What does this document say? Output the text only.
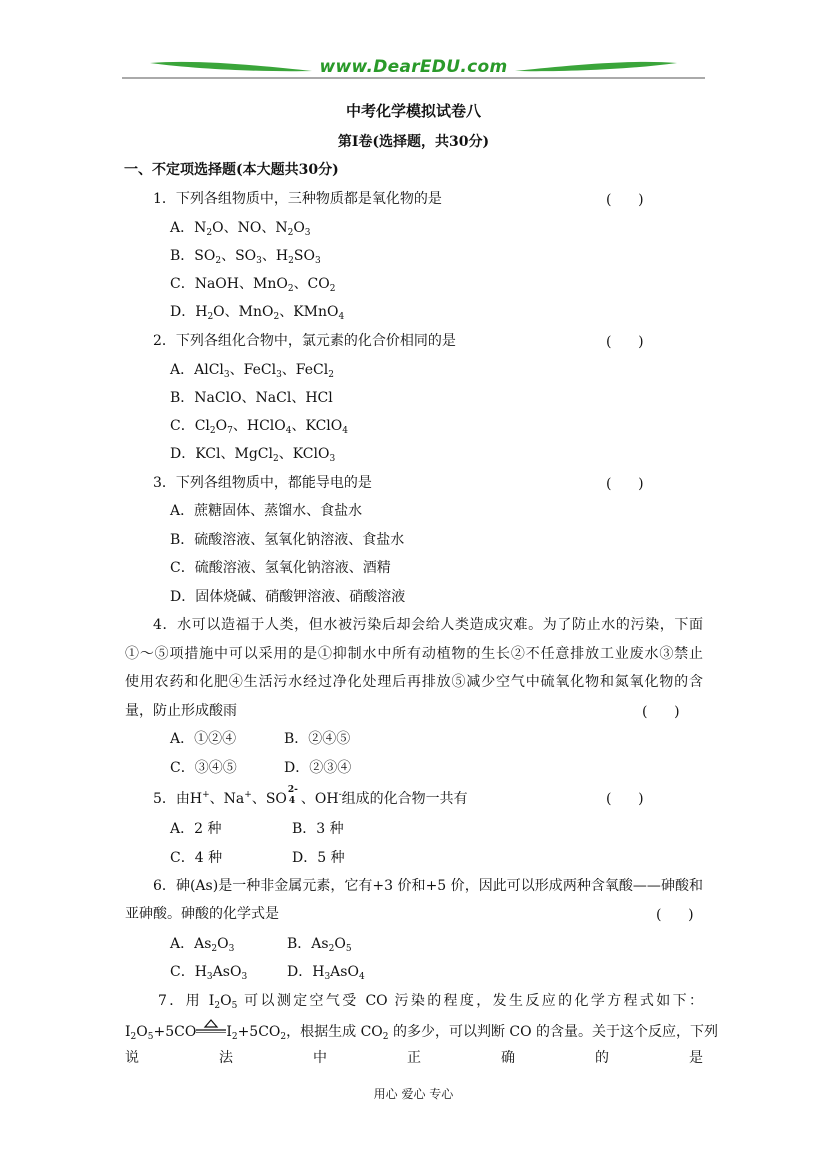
www.DearEDU.com
中考化学模拟试卷八
第I卷(选择题，共30分)
一、不定项选择题(本大题共30分)
1．下列各组物质中，三种物质都是氧化物的是	(      )
A．$N_2O$、NO、$N_2O_3$
B．$SO_2$、$SO_3$、$H_2SO_3$
C．NaOH、MnO$_2$、$CO_2$
D．$H_2O$、MnO$_2$、KMnO$_4$
2．下列各组化合物中，氯元素的化合价相同的是	(      )
A．AlCl$_3$、FeCl$_3$、FeCl$_2$
B．NaClO、NaCl、HCl
C．$Cl_2O_7$、HClO$_4$、KClO$_4$
D．KCl、MgCl$_2$、KClO$_3$
3．下列各组物质中，都能导电的是	(      )
A．蔗糖固体、蒸馏水、食盐水
B．硫酸溶液、氢氧化钠溶液、食盐水
C．硫酸溶液、氢氧化钠溶液、酒精
D．固体烧碱、硝酸钾溶液、硝酸溶液
4．水可以造福于人类，但水被污染后却会给人类造成灾难。为了防止水的污染，下面
①～⑤项措施中可以采用的是①抑制水中所有动植物的生长②不任意排放工业废水③禁止
使用农药和化肥④生活污水经过净化处理后再排放⑤减少空气中硫氧化物和氮氧化物的含
量，防止形成酸雨	(      )
A．①②④	B．②④⑤
C．③④⑤	D．②③④
5．由H+、Na+、SO
2-
4 、OH-组成的化合物一共有	(      )
A．2 种	B．3 种
C．4 种	D．5 种
6．砷(As)是一种非金属元素，它有+3 价和+5 价，因此可以形成两种含氧酸——砷酸和
亚砷酸。砷酸的化学式是	(      )
A．$As_2O_3$	B．$As_2O_5$
C．$H_3AsO_3$	D．$H_3AsO_4$
7．用 $I_2O_5$ 可以测定空气受 CO 污染的程度，发生反应的化学方程式如下：
$I_2O_5+5CO$ $I_2+5CO_2$，根据生成 $CO_2$ 的多少，可以判断 CO 的含量。关于这个反应，下列
说 法 中 正 确 的 是
用心 爱心 专心
